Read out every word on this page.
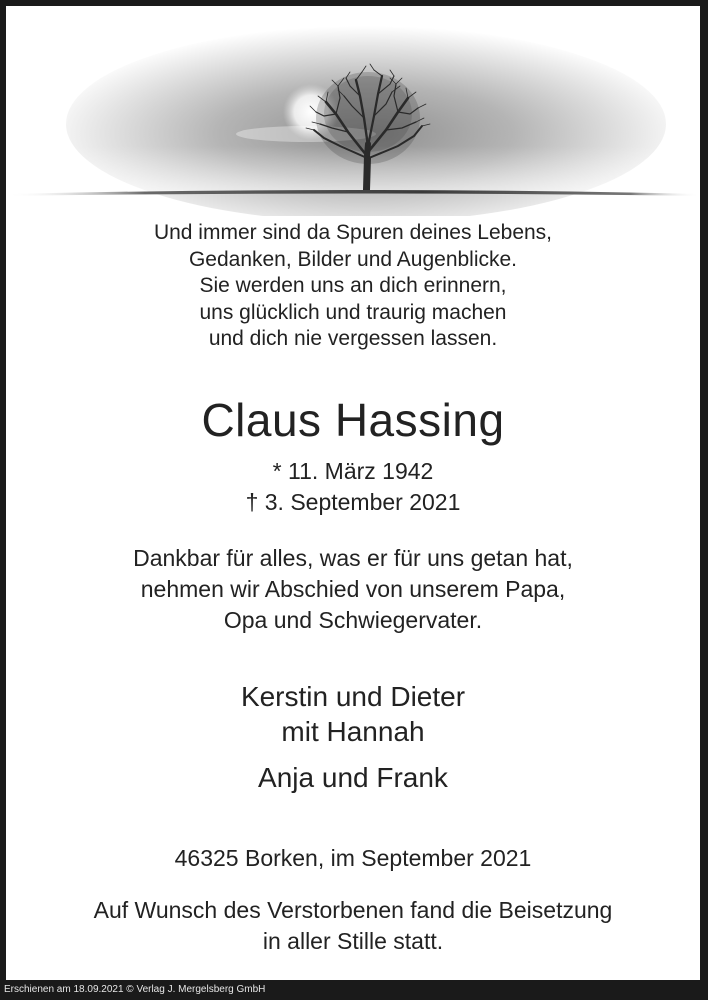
Und immer sind da Spuren deines Lebens,
Gedanken, Bilder und Augenblicke.
Sie werden uns an dich erinnern,
uns glücklich und traurig machen
und dich nie vergessen lassen.
Claus Hassing
* 11. März 1942
† 3. September 2021
Dankbar für alles, was er für uns getan hat,
nehmen wir Abschied von unserem Papa,
Opa und Schwiegervater.
Kerstin und Dieter
mit Hannah
Anja und Frank
46325 Borken, im September 2021
Auf Wunsch des Verstorbenen fand die Beisetzung
in aller Stille statt.
Erschienen am 18.09.2021 © Verlag J. Mergelsberg GmbH
